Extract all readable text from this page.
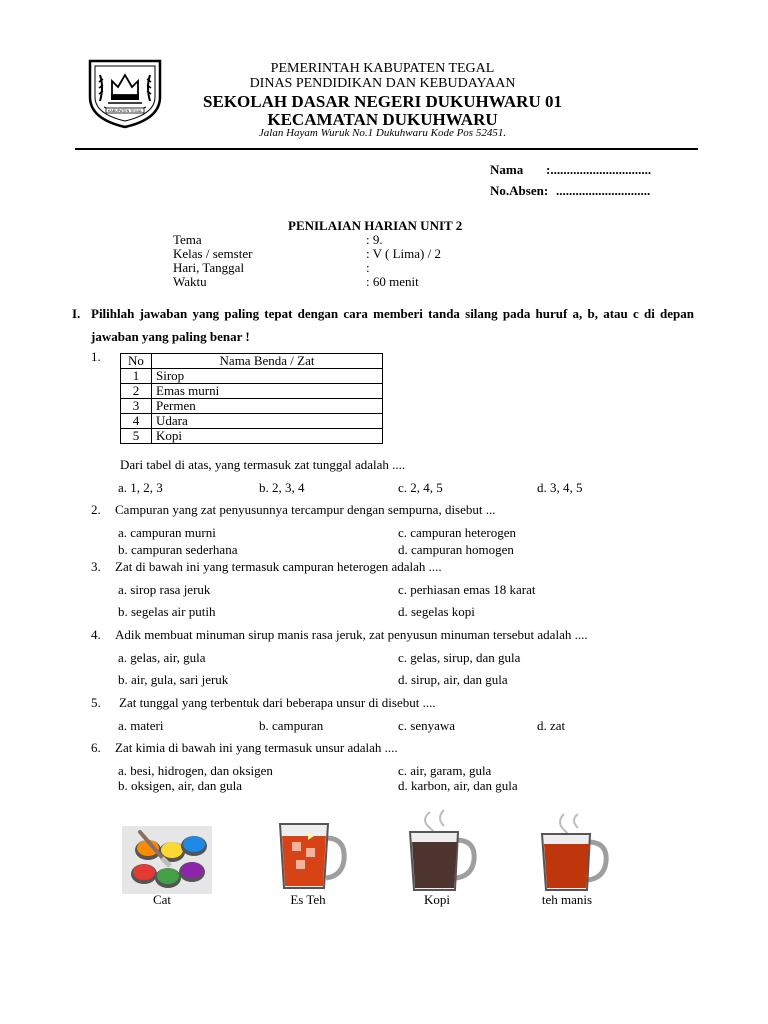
KABUPATEN TEGAL
PEMERINTAH KABUPATEN TEGAL
DINAS PENDIDIKAN DAN KEBUDAYAAN
SEKOLAH DASAR NEGERI DUKUHWARU 01
KECAMATAN DUKUHWARU
Jalan Hayam Wuruk No.1 Dukuhwaru Kode Pos 52451.
Nama :...............................
No.Absen: .............................
PENILAIAN HARIAN UNIT 2
Tema	: 9.
Kelas / semster	: V ( Lima) / 2
Hari, Tanggal	:
Waktu	: 60 menit
I. Pilihlah jawaban yang paling tepat dengan cara memberi tanda silang pada huruf a, b, atau c di depan jawaban yang paling benar !
1. No	Nama Benda / Zat
1	Sirop
2	Emas murni
3	Permen
4	Udara
5	Kopi
Dari tabel di atas, yang termasuk zat tunggal adalah ....
a. 1, 2, 3	b. 2, 3, 4	c. 2, 4, 5	d. 3, 4, 5
2. Campuran yang zat penyusunnya tercampur dengan sempurna, disebut ...
a. campuran murni	c. campuran heterogen
b. campuran sederhana	d. campuran homogen
3. Zat di bawah ini yang termasuk campuran heterogen adalah ....
a. sirop rasa jeruk	c. perhiasan emas 18 karat
b. segelas air putih	d. segelas kopi
4. Adik membuat minuman sirup manis rasa jeruk, zat penyusun minuman tersebut adalah ....
a. gelas, air, gula	c. gelas, sirup, dan gula
b. air, gula, sari jeruk	d. sirup, air, dan gula
5. Zat tunggal yang terbentuk dari beberapa unsur di disebut ....
a. materi	b. campuran	c. senyawa	d. zat
6. Zat kimia di bawah ini yang termasuk unsur adalah ....
a. besi, hidrogen, dan oksigen	c. air, garam, gula
b. oksigen, air, dan gula	d. karbon, air, dan gula
Cat	Es Teh	Kopi	teh manis
